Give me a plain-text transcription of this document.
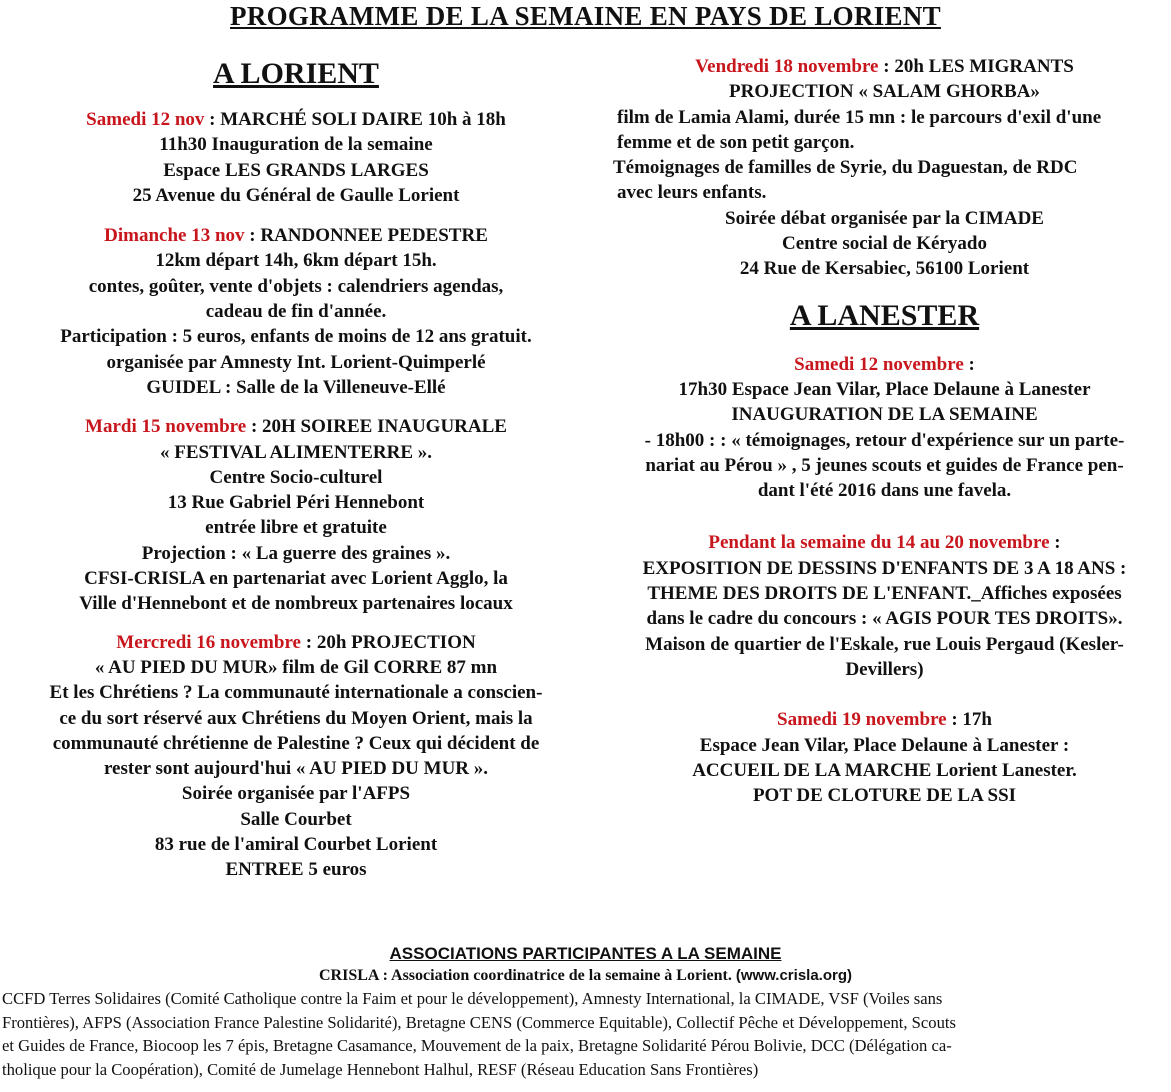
PROGRAMME DE LA SEMAINE EN PAYS DE LORIENT
A LORIENT
Samedi 12 nov : MARCHÉ SOLI DAIRE 10h à 18h
11h30 Inauguration de la semaine
Espace LES GRANDS LARGES
25 Avenue du Général de Gaulle Lorient
Dimanche 13 nov : RANDONNEE PEDESTRE
12km départ 14h, 6km départ 15h.
contes, goûter, vente d'objets : calendriers agendas,
cadeau de fin d'année.
Participation : 5 euros, enfants de moins de 12 ans gratuit.
organisée par Amnesty Int. Lorient-Quimperlé
GUIDEL : Salle de la Villeneuve-Ellé
Mardi 15 novembre : 20H SOIREE INAUGURALE
« FESTIVAL ALIMENTERRE ».
Centre Socio-culturel
13 Rue Gabriel Péri Hennebont
entrée libre et gratuite
Projection : « La guerre des graines ».
CFSI-CRISLA en partenariat avec Lorient Agglo, la
Ville d'Hennebont et de nombreux partenaires locaux
Mercredi 16 novembre : 20h PROJECTION
« AU PIED DU MUR» film de Gil CORRE 87 mn
Et les Chrétiens ? La communauté internationale a conscien-
ce du sort réservé aux Chrétiens du Moyen Orient, mais la
communauté chrétienne de Palestine ? Ceux qui décident de
rester sont aujourd'hui « AU PIED DU MUR ».
Soirée organisée par l'AFPS
Salle Courbet
83 rue de l'amiral Courbet Lorient
ENTREE 5 euros
Vendredi 18 novembre : 20h LES MIGRANTS
PROJECTION « SALAM GHORBA»
film de Lamia Alami, durée 15 mn : le parcours d'exil d'une
femme et de son petit garçon.
Témoignages de familles de Syrie, du Daguestan, de RDC
avec leurs enfants.
Soirée débat organisée par la CIMADE
Centre social de Kéryado
24 Rue de Kersabiec, 56100 Lorient
A LANESTER
Samedi 12 novembre :
17h30 Espace Jean Vilar, Place Delaune à Lanester
INAUGURATION DE LA SEMAINE
- 18h00 : : « témoignages, retour d'expérience sur un parte-
nariat au Pérou » , 5 jeunes scouts et guides de France pen-
dant l'été 2016 dans une favela.
Pendant la semaine du 14 au 20 novembre :
EXPOSITION DE DESSINS D'ENFANTS DE 3 A 18 ANS :
THEME DES DROITS DE L'ENFANT._Affiches exposées
dans le cadre du concours : « AGIS POUR TES DROITS».
Maison de quartier de l'Eskale, rue Louis Pergaud (Kesler-
Devillers)
Samedi 19 novembre : 17h
Espace Jean Vilar, Place Delaune à Lanester :
ACCUEIL DE LA MARCHE Lorient Lanester.
POT DE CLOTURE DE LA SSI
ASSOCIATIONS PARTICIPANTES A LA SEMAINE
CRISLA : Association coordinatrice de la semaine à Lorient. (www.crisla.org)
CCFD Terres Solidaires (Comité Catholique contre la Faim et pour le développement), Amnesty International, la CIMADE, VSF (Voiles sans
Frontières), AFPS (Association France Palestine Solidarité), Bretagne CENS (Commerce Equitable), Collectif Pêche et Développement, Scouts
et Guides de France, Biocoop les 7 épis, Bretagne Casamance, Mouvement de la paix, Bretagne Solidarité Pérou Bolivie, DCC (Délégation ca-
tholique pour la Coopération), Comité de Jumelage Hennebont Halhul, RESF (Réseau Education Sans Frontières)
